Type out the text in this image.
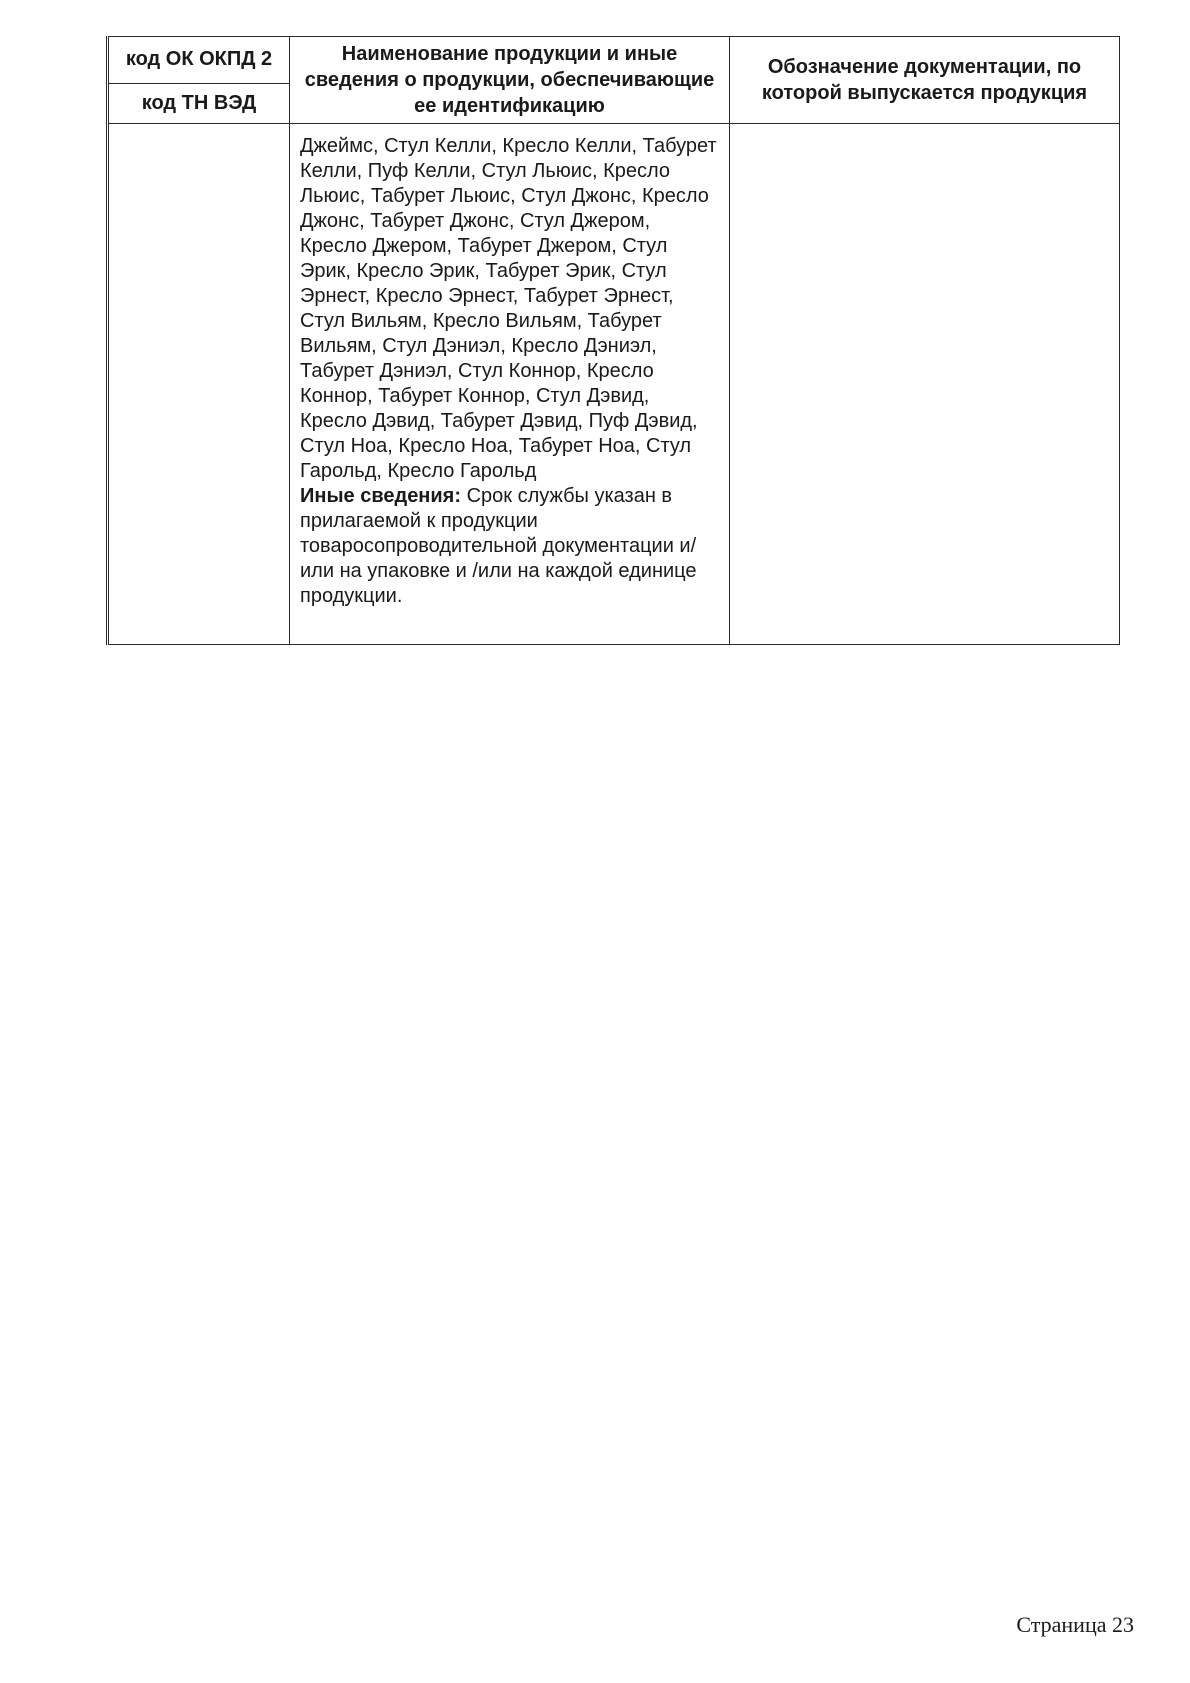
код ОК ОКПД 2	Наименование продукции и иные сведения о продукции, обеспечивающие ее идентификацию	Обозначение документации, по которой выпускается продукция
код ТН ВЭД		
	Джеймс, Стул Келли, Кресло Келли, Табурет Келли, Пуф Келли, Стул Льюис, Кресло Льюис, Табурет Льюис, Стул Джонс, Кресло Джонс, Табурет Джонс, Стул Джером, Кресло Джером, Табурет Джером, Стул Эрик, Кресло Эрик, Табурет Эрик, Стул Эрнест, Кресло Эрнест, Табурет Эрнест, Стул Вильям, Кресло Вильям, Табурет Вильям, Стул Дэниэл, Кресло Дэниэл, Табурет Дэниэл, Стул Коннор, Кресло Коннор, Табурет Коннор, Стул Дэвид, Кресло Дэвид, Табурет Дэвид, Пуф Дэвид, Стул Ноа, Кресло Ноа, Табурет Ноа, Стул Гарольд, Кресло Гарольд
Иные сведения: Срок службы указан в прилагаемой к продукции товаросопроводительной документации и/или на упаковке и /или на каждой единице продукции.	
Страница 23
